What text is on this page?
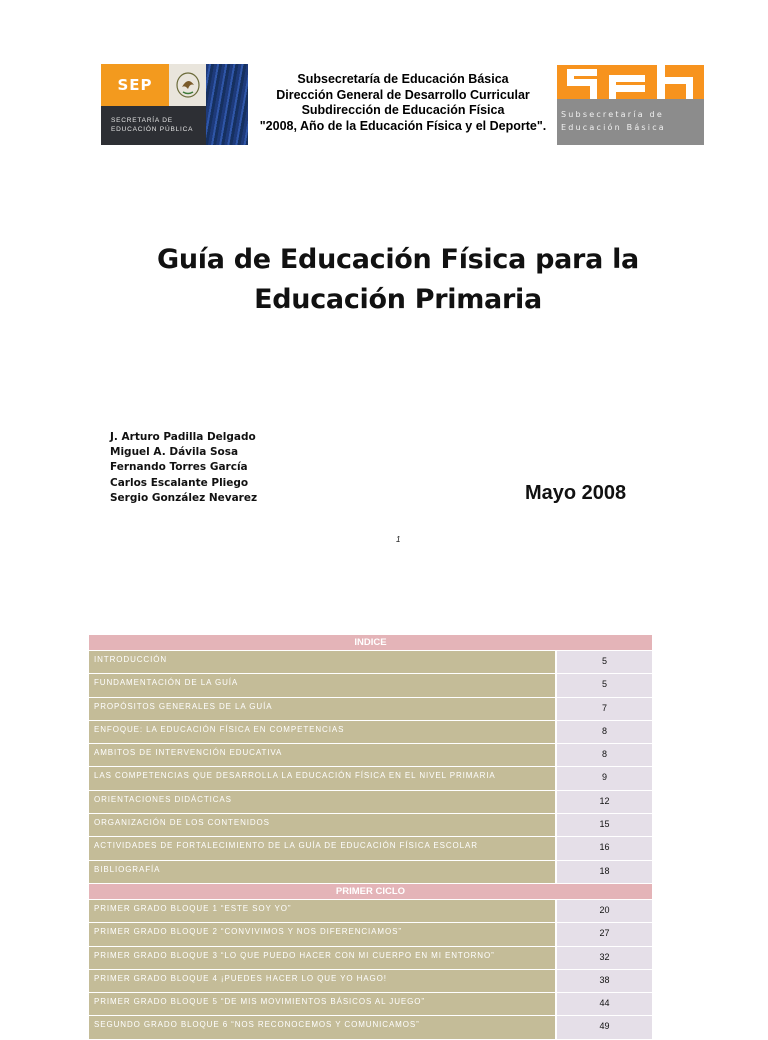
SEP
SECRETARÍA DE
EDUCACIÓN PÚBLICA
Subsecretaría de Educación Básica
Dirección General de Desarrollo Curricular
Subdirección de Educación Física
"2008, Año de la Educación Física y el Deporte".
Subsecretaría de
Educación Básica
Guía de Educación Física para la
Educación Primaria
J. Arturo Padilla Delgado
Miguel A. Dávila Sosa
Fernando Torres García
Carlos Escalante Pliego
Sergio González Nevarez	Mayo 2008
1
INDICE
INTRODUCCIÓN	5
FUNDAMENTACIÓN DE LA GUÍA	5
PROPÓSITOS GENERALES DE LA GUÍA	7
ENFOQUE: LA EDUCACIÓN FÍSICA EN COMPETENCIAS	8
AMBITOS DE INTERVENCIÓN EDUCATIVA	8
LAS COMPETENCIAS QUE DESARROLLA LA EDUCACIÓN FÍSICA EN EL NIVEL PRIMARIA	9
ORIENTACIONES DIDÁCTICAS	12
ORGANIZACIÓN DE LOS CONTENIDOS	15
ACTIVIDADES DE FORTALECIMIENTO DE LA GUÍA DE EDUCACIÓN FÍSICA ESCOLAR	16
BIBLIOGRAFÍA	18
PRIMER CICLO
PRIMER GRADO BLOQUE 1 “ESTE SOY YO”	20
PRIMER GRADO BLOQUE 2 “CONVIVIMOS Y NOS DIFERENCIAMOS”	27
PRIMER GRADO BLOQUE 3 “LO QUE PUEDO HACER CON MI CUERPO EN MI ENTORNO”	32
PRIMER GRADO BLOQUE 4 ¡PUEDES HACER LO QUE YO HAGO!	38
PRIMER GRADO BLOQUE 5 “DE MIS MOVIMIENTOS BÁSICOS AL JUEGO”	44
SEGUNDO GRADO BLOQUE 6 “NOS RECONOCEMOS Y COMUNICAMOS”	49
